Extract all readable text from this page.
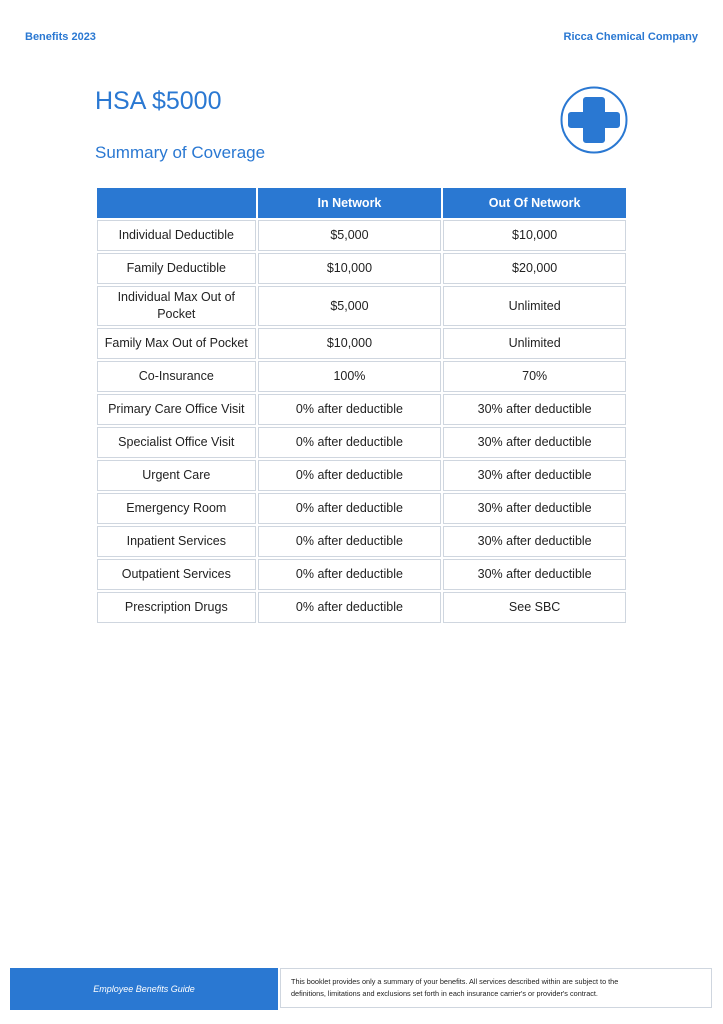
Benefits 2023	Ricca Chemical Company
HSA $5000
Summary of Coverage
	In Network	Out Of Network
Individual Deductible	$5,000	$10,000
Family Deductible	$10,000	$20,000
Individual Max Out of Pocket	$5,000	Unlimited
Family Max Out of Pocket	$10,000	Unlimited
Co-Insurance	100%	70%
Primary Care Office Visit	0% after deductible	30% after deductible
Specialist Office Visit	0% after deductible	30% after deductible
Urgent Care	0% after deductible	30% after deductible
Emergency Room	0% after deductible	30% after deductible
Inpatient Services	0% after deductible	30% after deductible
Outpatient Services	0% after deductible	30% after deductible
Prescription Drugs	0% after deductible	See SBC
Employee Benefits Guide
This booklet provides only a summary of your benefits. All services described within are subject to the
definitions, limitations and exclusions set forth in each insurance carrier's or provider's contract.
